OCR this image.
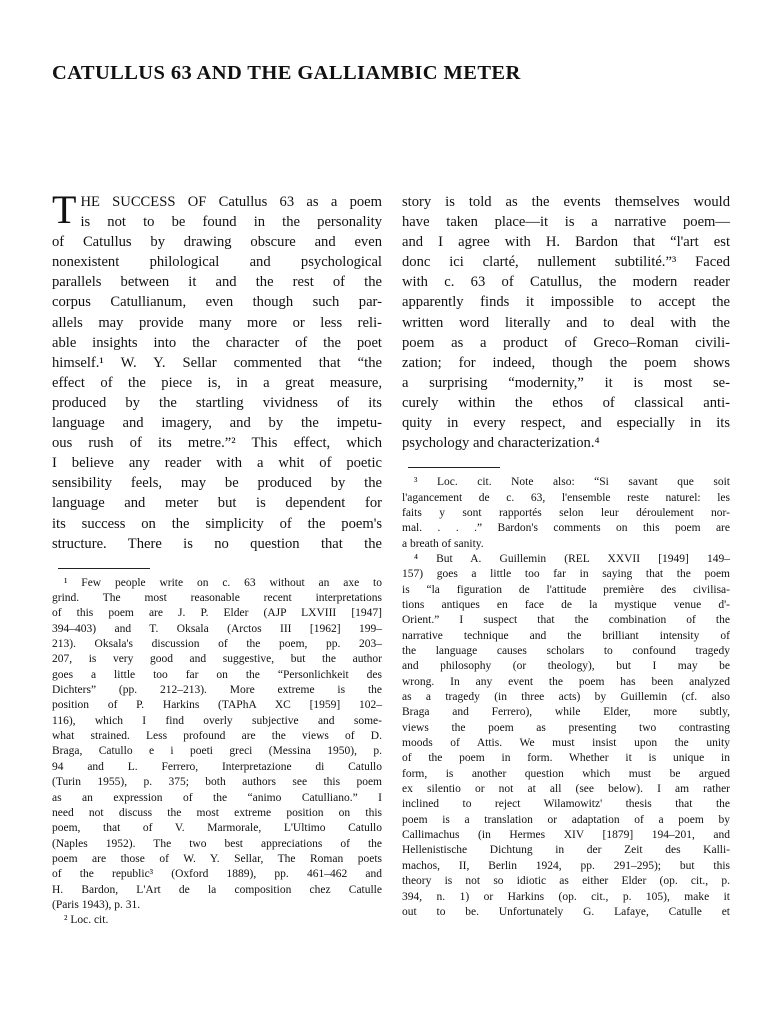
CATULLUS 63 AND THE GALLIAMBIC METER
T HE SUCCESS OF Catullus 63 as a poem
is not to be found in the personality
of Catullus by drawing obscure and even
nonexistent philological and psychological
parallels between it and the rest of the
corpus Catullianum, even though such par-
allels may provide many more or less reli-
able insights into the character of the poet
himself.¹ W. Y. Sellar commented that “the
effect of the piece is, in a great measure,
produced by the startling vividness of its
language and imagery, and by the impetu-
ous rush of its metre.”² This effect, which
I believe any reader with a whit of poetic
sensibility feels, may be produced by the
language and meter but is dependent for
its success on the simplicity of the poem's
structure. There is no question that the
¹ Few people write on c. 63 without an axe to
grind. The most reasonable recent interpretations
of this poem are J. P. Elder (AJP LXVIII [1947]
394–403) and T. Oksala (Arctos III [1962] 199–
213). Oksala's discussion of the poem, pp. 203–
207, is very good and suggestive, but the author
goes a little too far on the “Personlichkeit des
Dichters” (pp. 212–213). More extreme is the
position of P. Harkins (TAPhA XC [1959] 102–
116), which I find overly subjective and some-
what strained. Less profound are the views of D.
Braga, Catullo e i poeti greci (Messina 1950), p.
94 and L. Ferrero, Interpretazione di Catullo
(Turin 1955), p. 375; both authors see this poem
as an expression of the “animo Catulliano.” I
need not discuss the most extreme position on this
poem, that of V. Marmorale, L'Ultimo Catullo
(Naples 1952). The two best appreciations of the
poem are those of W. Y. Sellar, The Roman poets
of the republic³ (Oxford 1889), pp. 461–462 and
H. Bardon, L'Art de la composition chez Catulle
(Paris 1943), p. 31.
² Loc. cit.
story is told as the events themselves would
have taken place—it is a narrative poem—
and I agree with H. Bardon that “l'art est
donc ici clarté, nullement subtilité.”³ Faced
with c. 63 of Catullus, the modern reader
apparently finds it impossible to accept the
written word literally and to deal with the
poem as a product of Greco–Roman civili-
zation; for indeed, though the poem shows
a surprising “modernity,” it is most se-
curely within the ethos of classical anti-
quity in every respect, and especially in its
psychology and characterization.⁴
³ Loc. cit. Note also: “Si savant que soit
l'agancement de c. 63, l'ensemble reste naturel: les
faits y sont rapportés selon leur déroulement nor-
mal. . . .” Bardon's comments on this poem are
a breath of sanity.
⁴ But A. Guillemin (REL XXVII [1949] 149–
157) goes a little too far in saying that the poem
is “la figuration de l'attitude première des civilisa-
tions antiques en face de la mystique venue d'-
Orient.” I suspect that the combination of the
narrative technique and the brilliant intensity of
the language causes scholars to confound tragedy
and philosophy (or theology), but I may be
wrong. In any event the poem has been analyzed
as a tragedy (in three acts) by Guillemin (cf. also
Braga and Ferrero), while Elder, more subtly,
views the poem as presenting two contrasting
moods of Attis. We must insist upon the unity
of the poem in form. Whether it is unique in
form, is another question which must be argued
ex silentio or not at all (see below). I am rather
inclined to reject Wilamowitz' thesis that the
poem is a translation or adaptation of a poem by
Callimachus (in Hermes XIV [1879] 194–201, and
Hellenistische Dichtung in der Zeit des Kalli-
machos, II, Berlin 1924, pp. 291–295); but this
theory is not so idiotic as either Elder (op. cit., p.
394, n. 1) or Harkins (op. cit., p. 105), make it
out to be. Unfortunately G. Lafaye, Catulle et
